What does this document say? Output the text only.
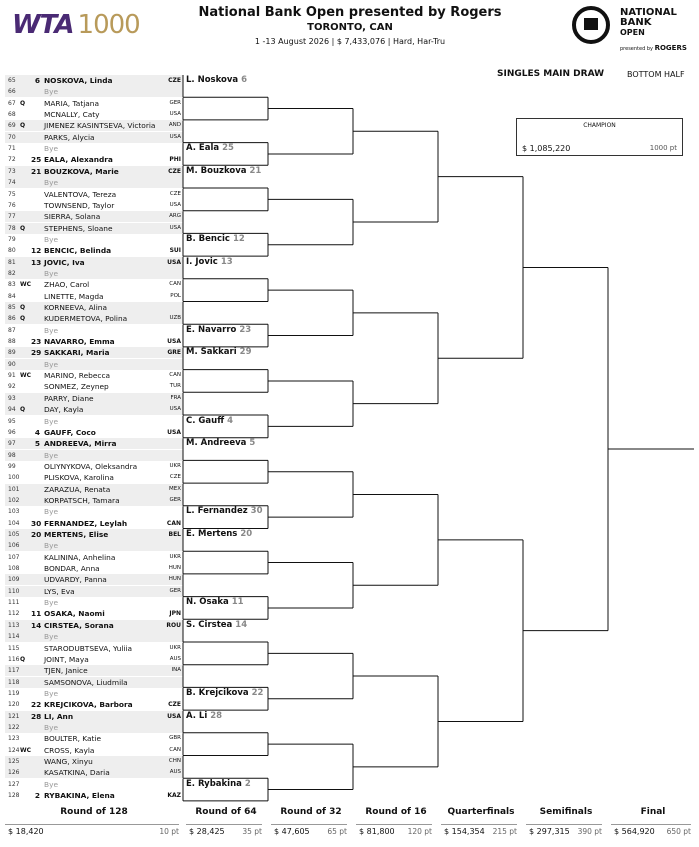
WTA 1000	National Bank Open presented by Rogers
TORONTO, CAN
1 -13 August 2026 | $ 7,433,076 | Hard, Har-Tru
NATIONAL
BANK
OPEN
presented by ROGERS
SINGLES MAIN DRAW	BOTTOM HALF
CHAMPION
$ 1,085,220	1000 pt
65	6 NOSKOVA, Linda	CZE
66	Bye
67 Q	MARIA, Tatjana	GER
68	MCNALLY, Caty	USA
69 Q	JIMENEZ KASINTSEVA, Victoria AND
70	PARKS, Alycia	USA
71	Bye
72	25 EALA, Alexandra	PHI
73	21 BOUZKOVA, Marie	CZE
74	Bye
75	VALENTOVA, Tereza	CZE
76	TOWNSEND, Taylor	USA
77	SIERRA, Solana	ARG
78 Q	STEPHENS, Sloane	USA
79	Bye
80	12 BENCIC, Belinda	SUI
81	13 JOVIC, Iva	USA
82	Bye
83 WC	ZHAO, Carol	CAN
84	LINETTE, Magda	POL
85 Q	KORNEEVA, Alina
86 Q	KUDERMETOVA, Polina	UZB
87	Bye
88	23 NAVARRO, Emma	USA
89	29 SAKKARI, Maria	GRE
90	Bye
91 WC	MARINO, Rebecca	CAN
92	SONMEZ, Zeynep	TUR
93	PARRY, Diane	FRA
94 Q	DAY, Kayla	USA
95	Bye
96	4 GAUFF, Coco	USA
97	5 ANDREEVA, Mirra
98	Bye
99	OLIYNYKOVA, Oleksandra	UKR
100	PLISKOVA, Karolina	CZE
101	ZARAZUA, Renata	MEX
102	KORPATSCH, Tamara	GER
103	Bye
104	30 FERNANDEZ, Leylah	CAN
105	20 MERTENS, Elise	BEL
106	Bye
107	KALININA, Anhelina	UKR
108	BONDAR, Anna	HUN
109	UDVARDY, Panna	HUN
110	LYS, Eva	GER
111	Bye
112	11 OSAKA, Naomi	JPN
113	14 CIRSTEA, Sorana	ROU
114	Bye
115	STARODUBTSEVA, Yuliia	UKR
116 Q	JOINT, Maya	AUS
117	TJEN, Janice	INA
118	SAMSONOVA, Liudmila
119	Bye
120	22 KREJCIKOVA, Barbora	CZE
121	28 LI, Ann	USA
122	Bye
123	BOULTER, Katie	GBR
124 WC	CROSS, Kayla	CAN
125	WANG, Xinyu	CHN
126	KASATKINA, Daria	AUS
127	Bye
128	2 RYBAKINA, Elena	KAZ
L. Noskova 6
A. Eala 25
M. Bouzkova 21
B. Bencic 12
I. Jovic 13
E. Navarro 23
M. Sakkari 29
C. Gauff 4
M. Andreeva 5
L. Fernandez 30
E. Mertens 20
N. Osaka 11
S. Cirstea 14
B. Krejcikova 22
A. Li 28
E. Rybakina 2
Round of 128
$ 18,420	10 pt
Round of 64
$ 28,425	35 pt
Round of 32
$ 47,605	65 pt
Round of 16
$ 81,800	120 pt
Quarterfinals
$ 154,354	215 pt
Semifinals
$ 297,315	390 pt
Final
$ 564,920	650 pt
